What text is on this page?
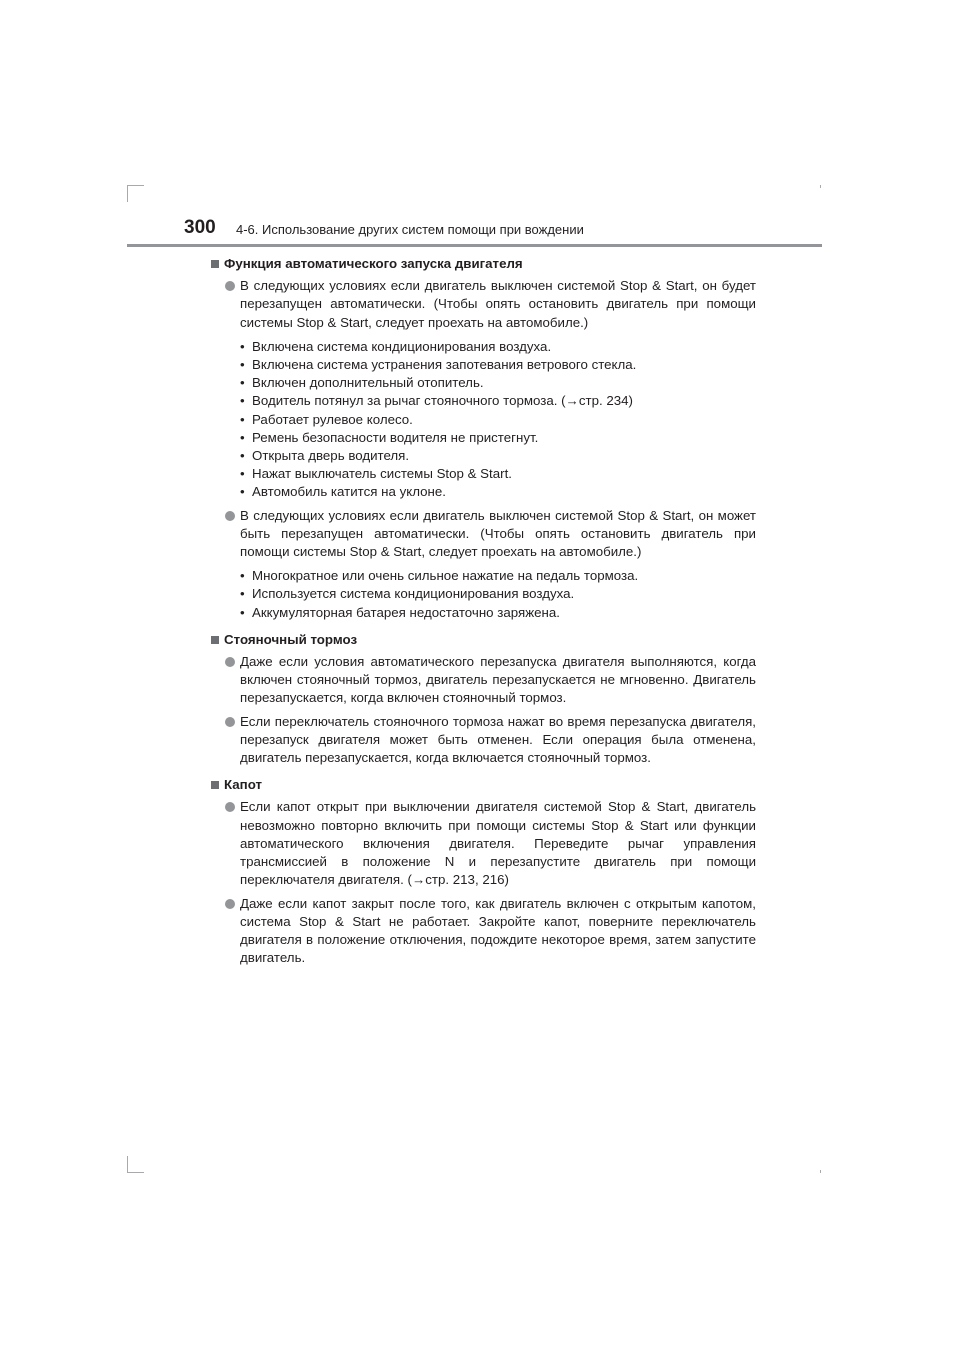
300 4-6. Использование других систем помощи при вождении
Функция автоматического запуска двигателя
В следующих условиях если двигатель выключен системой Stop & Start, он будет перезапущен автоматически. (Чтобы опять остановить двигатель при помощи системы Stop & Start, следует проехать на автомобиле.)
• Включена система кондиционирования воздуха.
• Включена система устранения запотевания ветрового стекла.
• Включен дополнительный отопитель.
• Водитель потянул за рычаг стояночного тормоза. (→стр. 234)
• Работает рулевое колесо.
• Ремень безопасности водителя не пристегнут.
• Открыта дверь водителя.
• Нажат выключатель системы Stop & Start.
• Автомобиль катится на уклоне.
В следующих условиях если двигатель выключен системой Stop & Start, он может быть перезапущен автоматически. (Чтобы опять остановить двигатель при помощи системы Stop & Start, следует проехать на автомобиле.)
• Многократное или очень сильное нажатие на педаль тормоза.
• Используется система кондиционирования воздуха.
• Аккумуляторная батарея недостаточно заряжена.
Стояночный тормоз
Даже если условия автоматического перезапуска двигателя выполняются, когда включен стояночный тормоз, двигатель перезапускается не мгновенно. Двигатель перезапускается, когда включен стояночный тормоз.
Если переключатель стояночного тормоза нажат во время перезапуска двигателя, перезапуск двигателя может быть отменен. Если операция была отменена, двигатель перезапускается, когда включается стояночный тормоз.
Капот
Если капот открыт при выключении двигателя системой Stop & Start, двигатель невозможно повторно включить при помощи системы Stop & Start или функции автоматического включения двигателя. Переведите рычаг управления трансмиссией в положение N и перезапустите двигатель при помощи переключателя двигателя. (→стр. 213, 216)
Даже если капот закрыт после того, как двигатель включен с открытым капотом, система Stop & Start не работает. Закройте капот, поверните переключатель двигателя в положение отключения, подождите некоторое время, затем запустите двигатель.
